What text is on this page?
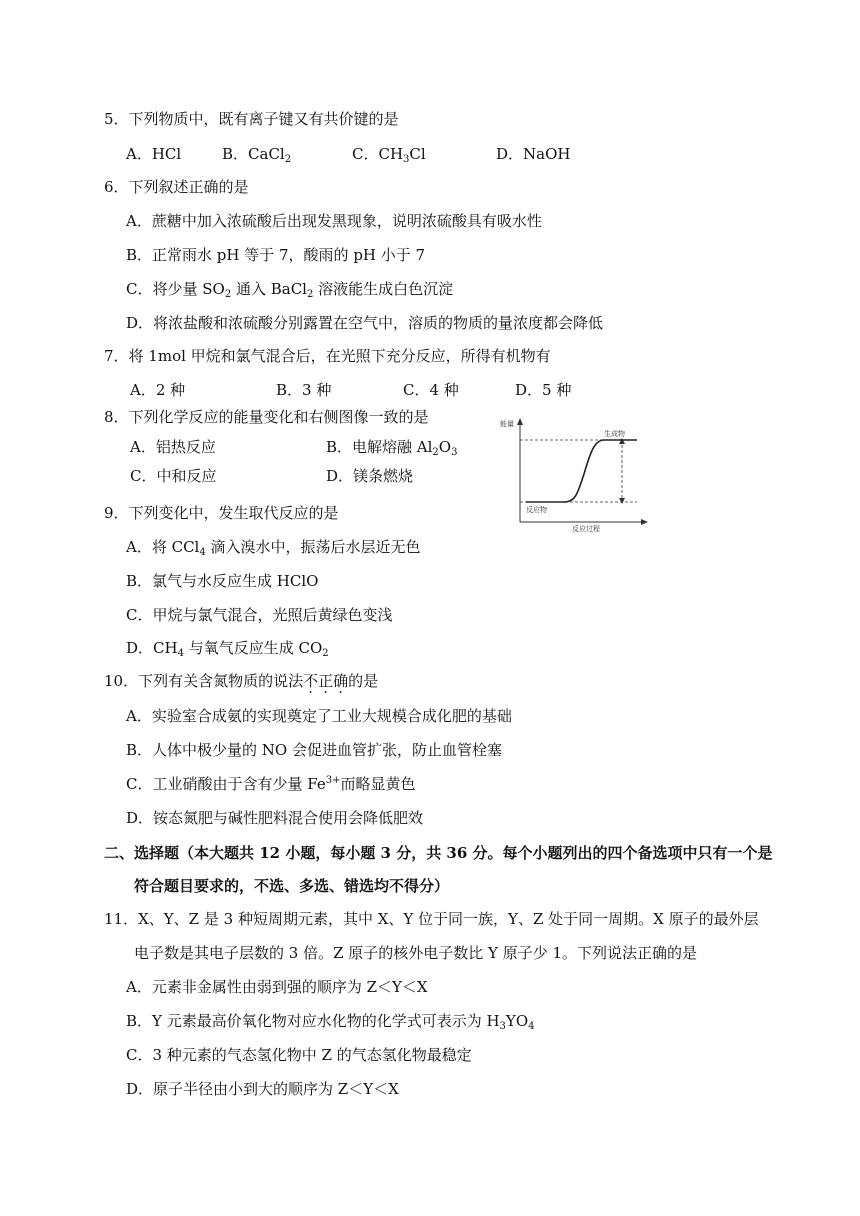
5．下列物质中，既有离子键又有共价键的是
A．HCl	B．CaCl$_2$	C．$CH_3Cl$	D．NaOH
6．下列叙述正确的是
A．蔗糖中加入浓硫酸后出现发黑现象，说明浓硫酸具有吸水性
B．正常雨水 pH 等于 7，酸雨的 pH 小于 7
C．将少量 $SO_2$ 通入 BaCl$_2$ 溶液能生成白色沉淀
D．将浓盐酸和浓硫酸分别露置在空气中，溶质的物质的量浓度都会降低
7．将 1mol 甲烷和氯气混合后，在光照下充分反应，所得有机物有
A．2 种	B．3 种	C．4 种	D．5 种
8．下列化学反应的能量变化和右侧图像一致的是
A．铝热反应	B．电解熔融 $Al_2O_3$
C．中和反应	D．镁条燃烧
能量
生成物
反应物
反应过程
9．下列变化中，发生取代反应的是
A．将 CCl$_4$ 滴入溴水中，振荡后水层近无色
B．氯气与水反应生成 HClO
C．甲烷与氯气混合，光照后黄绿色变浅
D．$CH_4$ 与氧气反应生成 $CO_2$
10．下列有关含氮物质的说法不正确的是
A．实验室合成氨的实现奠定了工业大规模合成化肥的基础
B．人体中极少量的 NO 会促进血管扩张，防止血管栓塞
C．工业硝酸由于含有少量 $Fe^{3+}$而略显黄色
D．铵态氮肥与碱性肥料混合使用会降低肥效
二、选择题（本大题共 12 小题，每小题 3 分，共 36 分。每个小题列出的四个备选项中只有一个是
符合题目要求的，不选、多选、错选均不得分）
11．X、Y、Z 是 3 种短周期元素，其中 X、Y 位于同一族，Y、Z 处于同一周期。X 原子的最外层
电子数是其电子层数的 3 倍。Z 原子的核外电子数比 Y 原子少 1。下列说法正确的是
A．元素非金属性由弱到强的顺序为 Z＜Y＜X
B．Y 元素最高价氧化物对应水化物的化学式可表示为 $H_3YO_4$
C．3 种元素的气态氢化物中 Z 的气态氢化物最稳定
D．原子半径由小到大的顺序为 Z＜Y＜X
